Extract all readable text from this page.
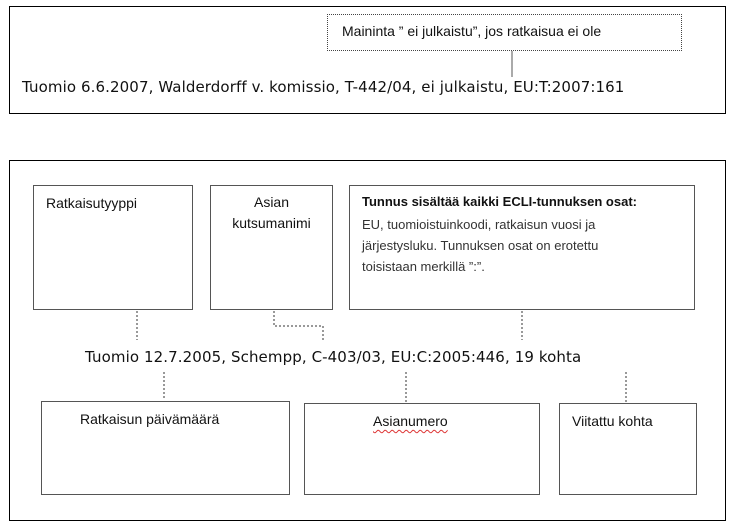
Maininta ” ei julkaistu”, jos ratkaisua ei ole
Tuomio 6.6.2007, Walderdorff v. komissio, T-442/04, ei julkaistu, EU:T:2007:161
Ratkaisutyyppi	Asian
kutsumanimi
Tunnus sisältää kaikki ECLI-tunnuksen osat:
EU, tuomioistuinkoodi, ratkaisun vuosi ja
järjestysluku. Tunnuksen osat on erotettu
toisistaan merkillä ”:”.
Tuomio 12.7.2005, Schempp, C-403/03, EU:C:2005:446, 19 kohta
Ratkaisun päivämäärä	Asianumero	Viitattu kohta
